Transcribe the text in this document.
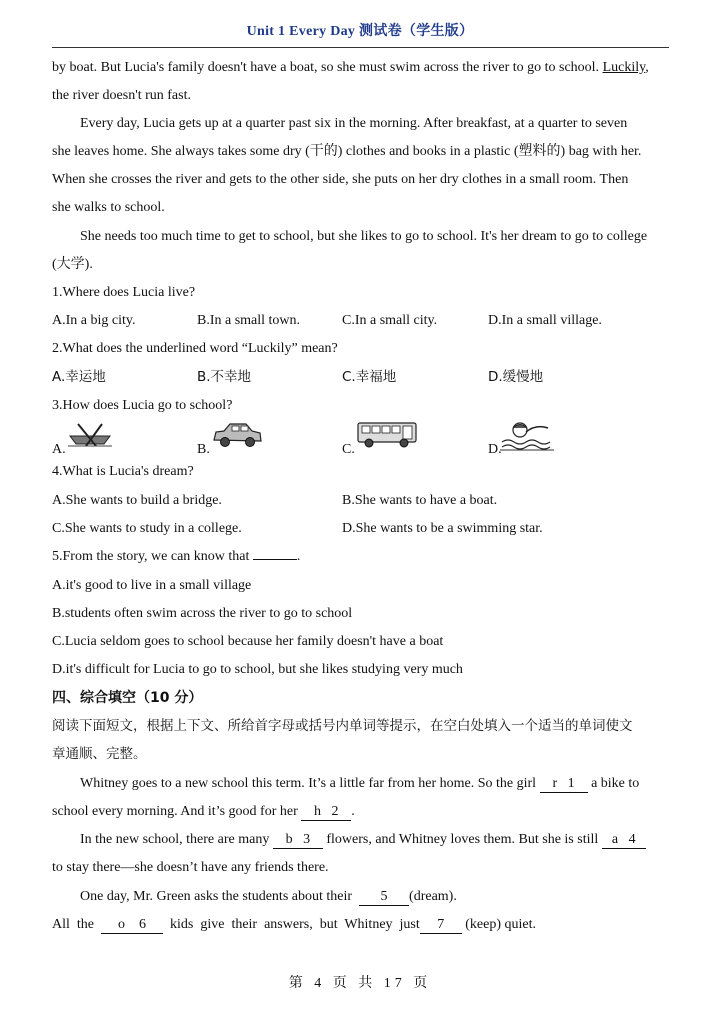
Unit 1 Every Day 测试卷（学生版）
by boat. But Lucia's family doesn't have a boat, so she must swim across the river to go to school. Luckily,
the river doesn't run fast.
Every day, Lucia gets up at a quarter past six in the morning. After breakfast, at a quarter to seven
she leaves home. She always takes some dry (干的) clothes and books in a plastic (塑料的) bag with her.
When she crosses the river and gets to the other side, she puts on her dry clothes in a small room. Then
she walks to school.
She needs too much time to get to school, but she likes to go to school. It's her dream to go to college
(大学).
1.Where does Lucia live?
A.In a big city.	B.In a small town.	C.In a small city.	D.In a small village.
2.What does the underlined word “Luckily” mean?
A.幸运地	B.不幸地	C.幸福地	D.缓慢地
3.How does Lucia go to school?
A.	B.	C.	D.
4.What is Lucia's dream?
A.She wants to build a bridge.	B.She wants to have a boat.
C.She wants to study in a college.	D.She wants to be a swimming star.
5.From the story, we can know that	.
A.it's good to live in a small village
B.students often swim across the river to go to school
C.Lucia seldom goes to school because her family doesn't have a boat
D.it's difficult for Lucia to go to school, but she likes studying very much
四、综合填空（10 分）
阅读下面短文，根据上下文、所给首字母或括号内单词等提示，在空白处填入一个适当的单词使文
章通顺、完整。
Whitney goes to a new school this term. It’s a little far from her home. So the girl r 1 a bike to
school every morning. And it’s good for her h 2 .
In the new school, there are many b 3 flowers, and Whitney loves them. But she is still a 4
to stay there—she doesn’t have any friends there.
One day, Mr. Green asks the students about their  5 (dream).
All  the  o 6  kids  give  their  answers,  but  Whitney  just 7 (keep) quiet.
第 4 页 共 17 页
